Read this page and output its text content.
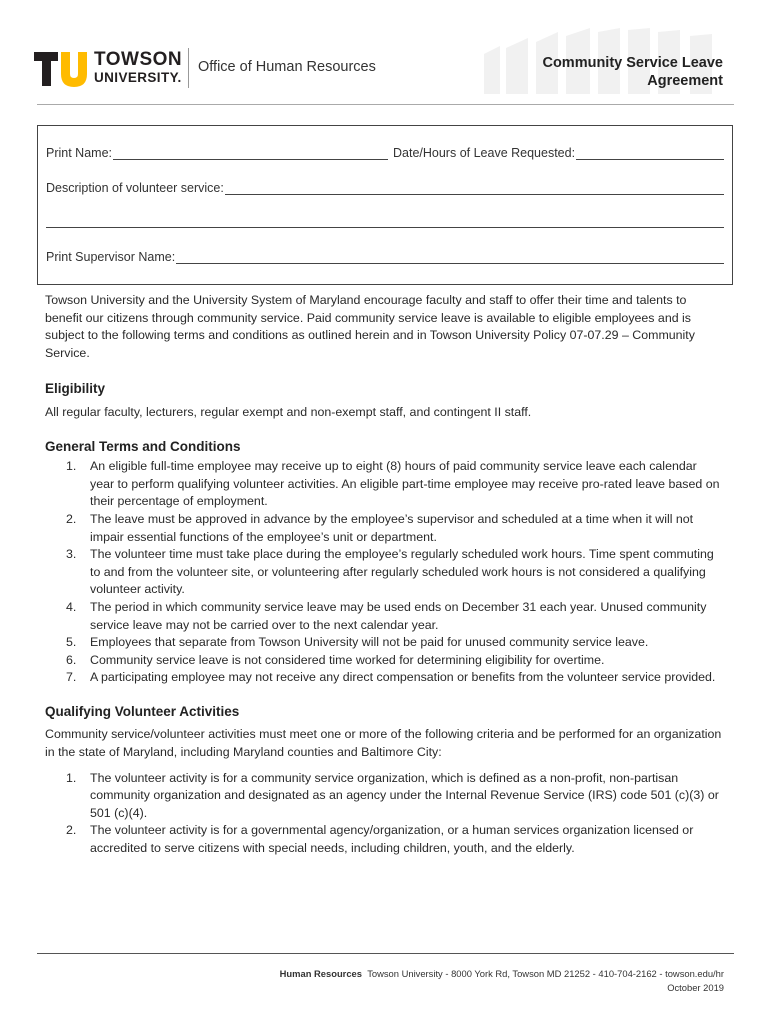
TOWSON
UNIVERSITY.
Office of Human Resources	Community Service Leave
Agreement
Print Name:	Date/Hours of Leave Requested:
Description of volunteer service:
Print Supervisor Name:

Towson University and the University System of Maryland encourage faculty and staff to offer their time and talents to benefit our citizens through community service. Paid community service leave is available to eligible employees and is subject to the following terms and conditions as outlined herein and in Towson University Policy 07-07.29 – Community Service.

Eligibility

All regular faculty, lecturers, regular exempt and non-exempt staff, and contingent II staff.

General Terms and Conditions
1. An eligible full-time employee may receive up to eight (8) hours of paid community service leave each calendar year to perform qualifying volunteer activities. An eligible part-time employee may receive pro-rated leave based on their percentage of employment.
2. The leave must be approved in advance by the employee’s supervisor and scheduled at a time when it will not impair essential functions of the employee’s unit or department.
3. The volunteer time must take place during the employee’s regularly scheduled work hours. Time spent commuting to and from the volunteer site, or volunteering after regularly scheduled work hours is not considered a qualifying volunteer activity.
4. The period in which community service leave may be used ends on December 31 each year. Unused community service leave may not be carried over to the next calendar year.
5. Employees that separate from Towson University will not be paid for unused community service leave.
6. Community service leave is not considered time worked for determining eligibility for overtime.
7. A participating employee may not receive any direct compensation or benefits from the volunteer service provided.
Qualifying Volunteer Activities

Community service/volunteer activities must meet one or more of the following criteria and be performed for an organization in the state of Maryland, including Maryland counties and Baltimore City:

1. The volunteer activity is for a community service organization, which is defined as a non-profit, non-partisan community organization and designated as an agency under the Internal Revenue Service (IRS) code 501 (c)(3) or 501 (c)(4).
2. The volunteer activity is for a governmental agency/organization, or a human services organization licensed or accredited to serve citizens with special needs, including children, youth, and the elderly.
Human Resources Towson University - 8000 York Rd, Towson MD 21252 - 410-704-2162 - towson.edu/hr
October 2019
